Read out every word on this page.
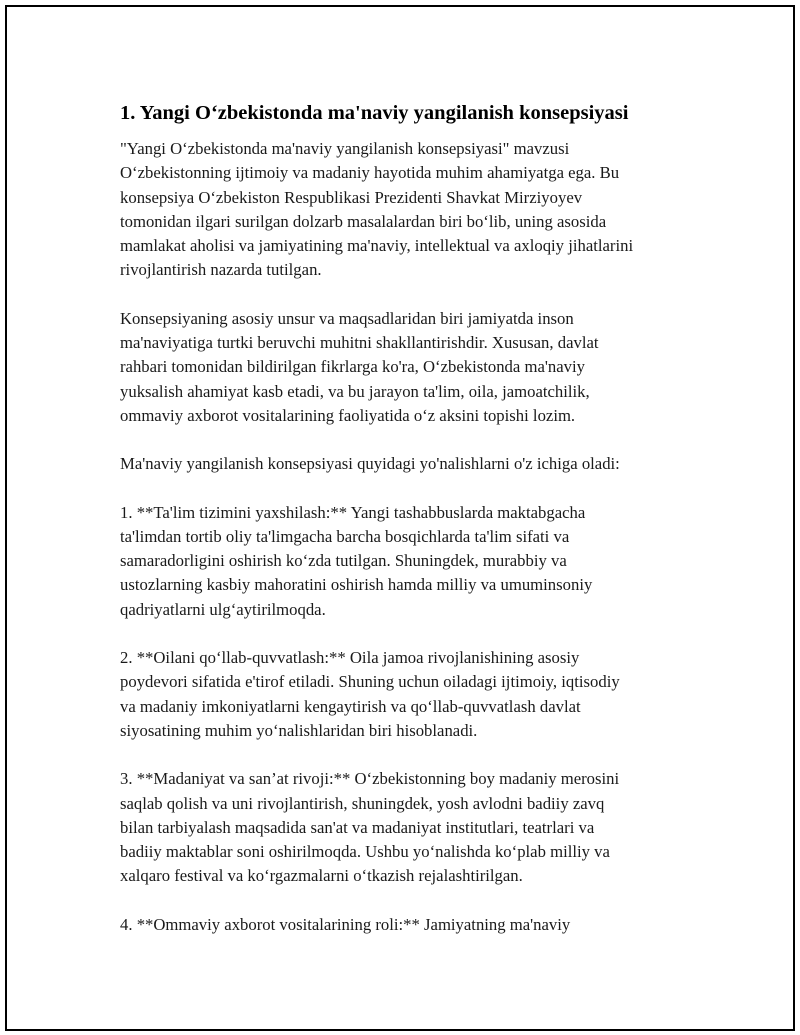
1. Yangi O‘zbekistonda ma'naviy yangilanish konsepsiyasi

"Yangi O‘zbekistonda ma'naviy yangilanish konsepsiyasi" mavzusi
O‘zbekistonning ijtimoiy va madaniy hayotida muhim ahamiyatga ega. Bu
konsepsiya O‘zbekiston Respublikasi Prezidenti Shavkat Mirziyoyev
tomonidan ilgari surilgan dolzarb masalalardan biri bo‘lib, uning asosida
mamlakat aholisi va jamiyatining ma'naviy, intellektual va axloqiy jihatlarini
rivojlantirish nazarda tutilgan.

Konsepsiyaning asosiy unsur va maqsadlaridan biri jamiyatda inson
ma'naviyatiga turtki beruvchi muhitni shakllantirishdir. Xususan, davlat
rahbari tomonidan bildirilgan fikrlarga ko'ra, O‘zbekistonda ma'naviy
yuksalish ahamiyat kasb etadi, va bu jarayon ta'lim, oila, jamoatchilik,
ommaviy axborot vositalarining faoliyatida o‘z aksini topishi lozim.

Ma'naviy yangilanish konsepsiyasi quyidagi yo'nalishlarni o'z ichiga oladi:

1. **Ta'lim tizimini yaxshilash:** Yangi tashabbuslarda maktabgacha
ta'limdan tortib oliy ta'limgacha barcha bosqichlarda ta'lim sifati va
samaradorligini oshirish ko‘zda tutilgan. Shuningdek, murabbiy va
ustozlarning kasbiy mahoratini oshirish hamda milliy va umuminsoniy
qadriyatlarni ulg‘aytirilmoqda.

2. **Oilani qo‘llab-quvvatlash:** Oila jamoa rivojlanishining asosiy
poydevori sifatida e'tirof etiladi. Shuning uchun oiladagi ijtimoiy, iqtisodiy
va madaniy imkoniyatlarni kengaytirish va qo‘llab-quvvatlash davlat
siyosatining muhim yo‘nalishlaridan biri hisoblanadi.

3. **Madaniyat va san’at rivoji:** O‘zbekistonning boy madaniy merosini
saqlab qolish va uni rivojlantirish, shuningdek, yosh avlodni badiiy zavq
bilan tarbiyalash maqsadida san'at va madaniyat institutlari, teatrlari va
badiiy maktablar soni oshirilmoqda. Ushbu yo‘nalishda ko‘plab milliy va
xalqaro festival va ko‘rgazmalarni o‘tkazish rejalashtirilgan.

4. **Ommaviy axborot vositalarining roli:** Jamiyatning ma'naviy
